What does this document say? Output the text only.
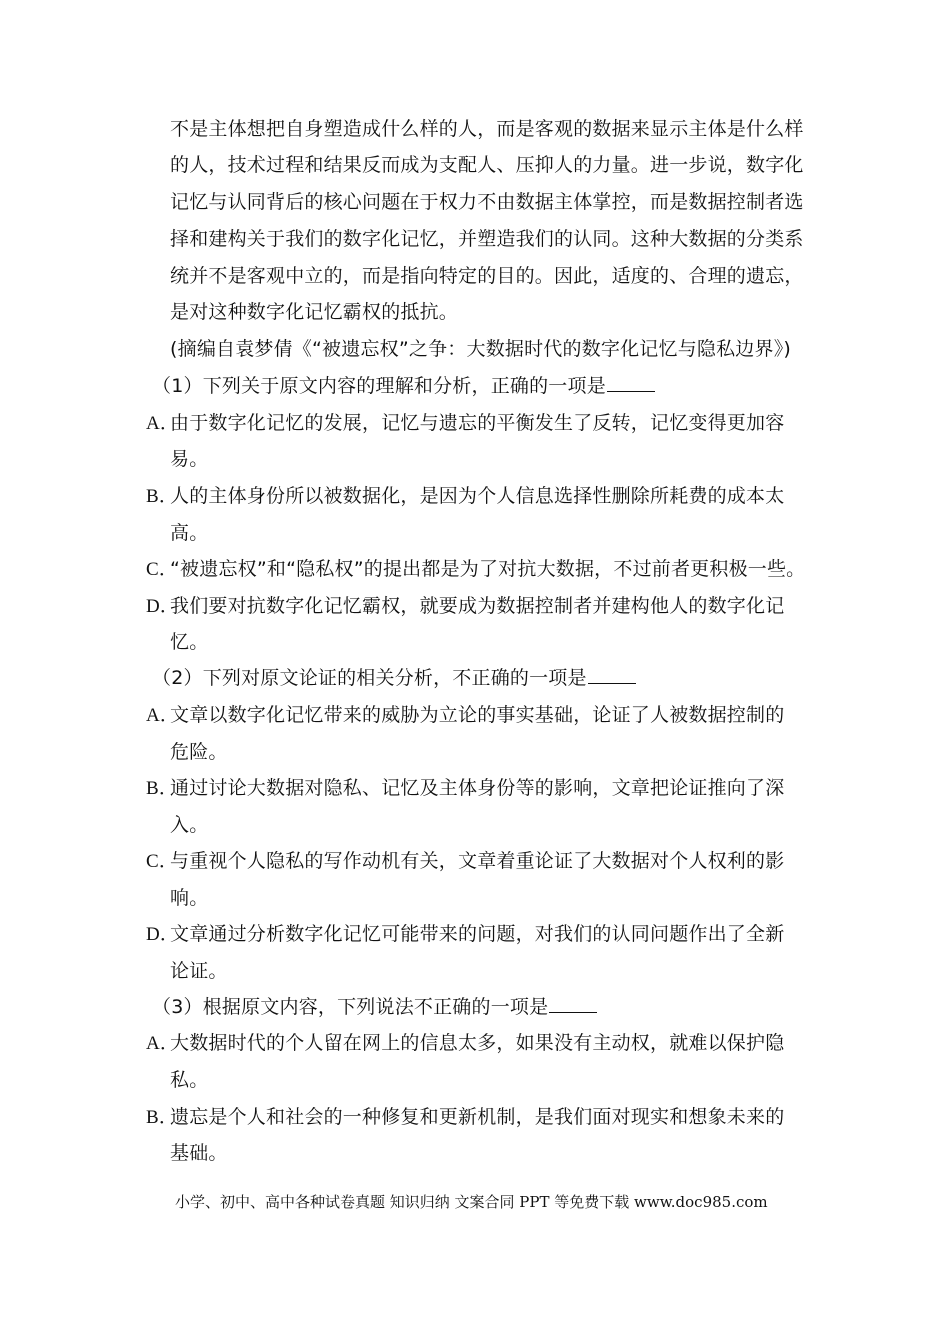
不是主体想把自身塑造成什么样的人，而是客观的数据来显示主体是什么样
的人，技术过程和结果反而成为支配人、压抑人的力量。进一步说，数字化
记忆与认同背后的核心问题在于权力不由数据主体掌控，而是数据控制者选
择和建构关于我们的数字化记忆，并塑造我们的认同。这种大数据的分类系
统并不是客观中立的，而是指向特定的目的。因此，适度的、合理的遗忘，
是对这种数字化记忆霸权的抵抗。
(摘编自袁梦倩《“被遗忘权”之争：大数据时代的数字化记忆与隐私边界》)
（1）下列关于原文内容的理解和分析，正确的一项是
A．由于数字化记忆的发展，记忆与遗忘的平衡发生了反转，记忆变得更加容
易。
B．人的主体身份所以被数据化，是因为个人信息选择性删除所耗费的成本太
高。
C．“被遗忘权”和“隐私权”的提出都是为了对抗大数据，不过前者更积极一些。
D．我们要对抗数字化记忆霸权，就要成为数据控制者并建构他人的数字化记
忆。
（2）下列对原文论证的相关分析，不正确的一项是
A．文章以数字化记忆带来的威胁为立论的事实基础，论证了人被数据控制的
危险。
B．通过讨论大数据对隐私、记忆及主体身份等的影响，文章把论证推向了深
入。
C．与重视个人隐私的写作动机有关，文章着重论证了大数据对个人权利的影
响。
D．文章通过分析数字化记忆可能带来的问题，对我们的认同问题作出了全新
论证。
（3）根据原文内容，下列说法不正确的一项是
A．大数据时代的个人留在网上的信息太多，如果没有主动权，就难以保护隐
私。
B．遗忘是个人和社会的一种修复和更新机制，是我们面对现实和想象未来的
基础。
小学、初中、高中各种试卷真题 知识归纳 文案合同 PPT 等免费下载 www.doc985.com
